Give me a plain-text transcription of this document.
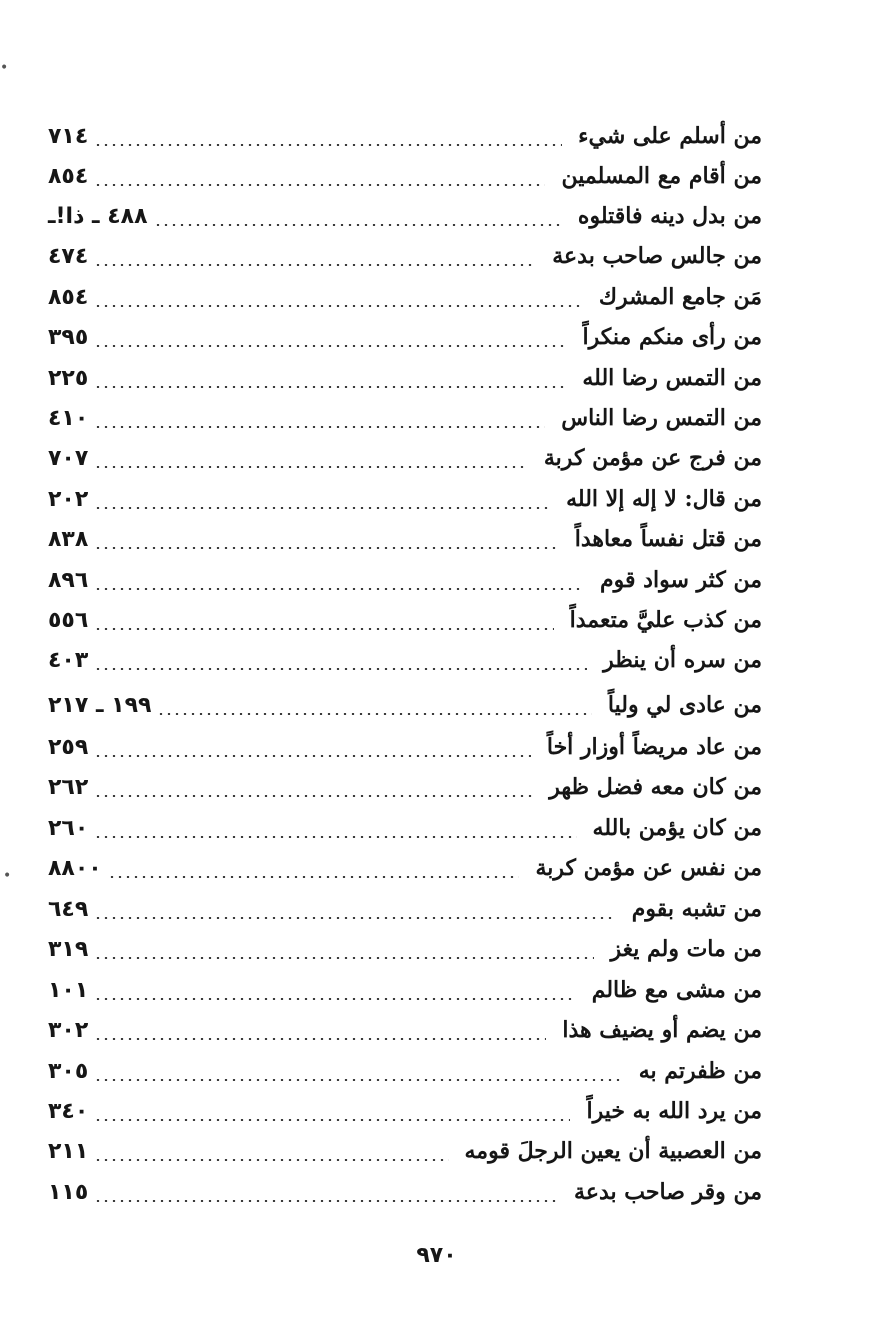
•
•
من أسلم على شيء
٧١٤
من أقام مع المسلمين
٨٥٤
من بدل دينه فاقتلوه
٤٨٨ ـ ذا!ـ
من جالس صاحب بدعة
٤٧٤
مَن جامع المشرك
٨٥٤
من رأى منكم منكراً
٣٩٥
من التمس رضا الله
٢٢٥
من التمس رضا الناس
٤١٠
من فرج عن مؤمن كربة
٧٠٧
من قال: لا إله إلا الله
٢٠٢
من قتل نفساً معاهداً
٨٣٨
من كثر سواد قوم
٨٩٦
من كذب عليَّ متعمداً
٥٥٦
من سره أن ينظر
٤٠٣
من عادى لي ولياً
١٩٩ ـ ٢١٧
من عاد مريضاً أوزار أخاً
٢٥٩
من كان معه فضل ظهر
٢٦٢
من كان يؤمن بالله
٢٦٠
من نفس عن مؤمن كربة
٨٨٠٠
من تشبه بقوم
٦٤٩
من مات ولم يغز
٣١٩
من مشى مع ظالم
١٠١
من يضم أو يضيف هذا
٣٠٢
من ظفرتم به
٣٠٥
من يرد الله به خيراً
٣٤٠
من العصبية أن يعين الرجلَ قومه
٢١١
من وقر صاحب بدعة
١١٥
٩٧٠
